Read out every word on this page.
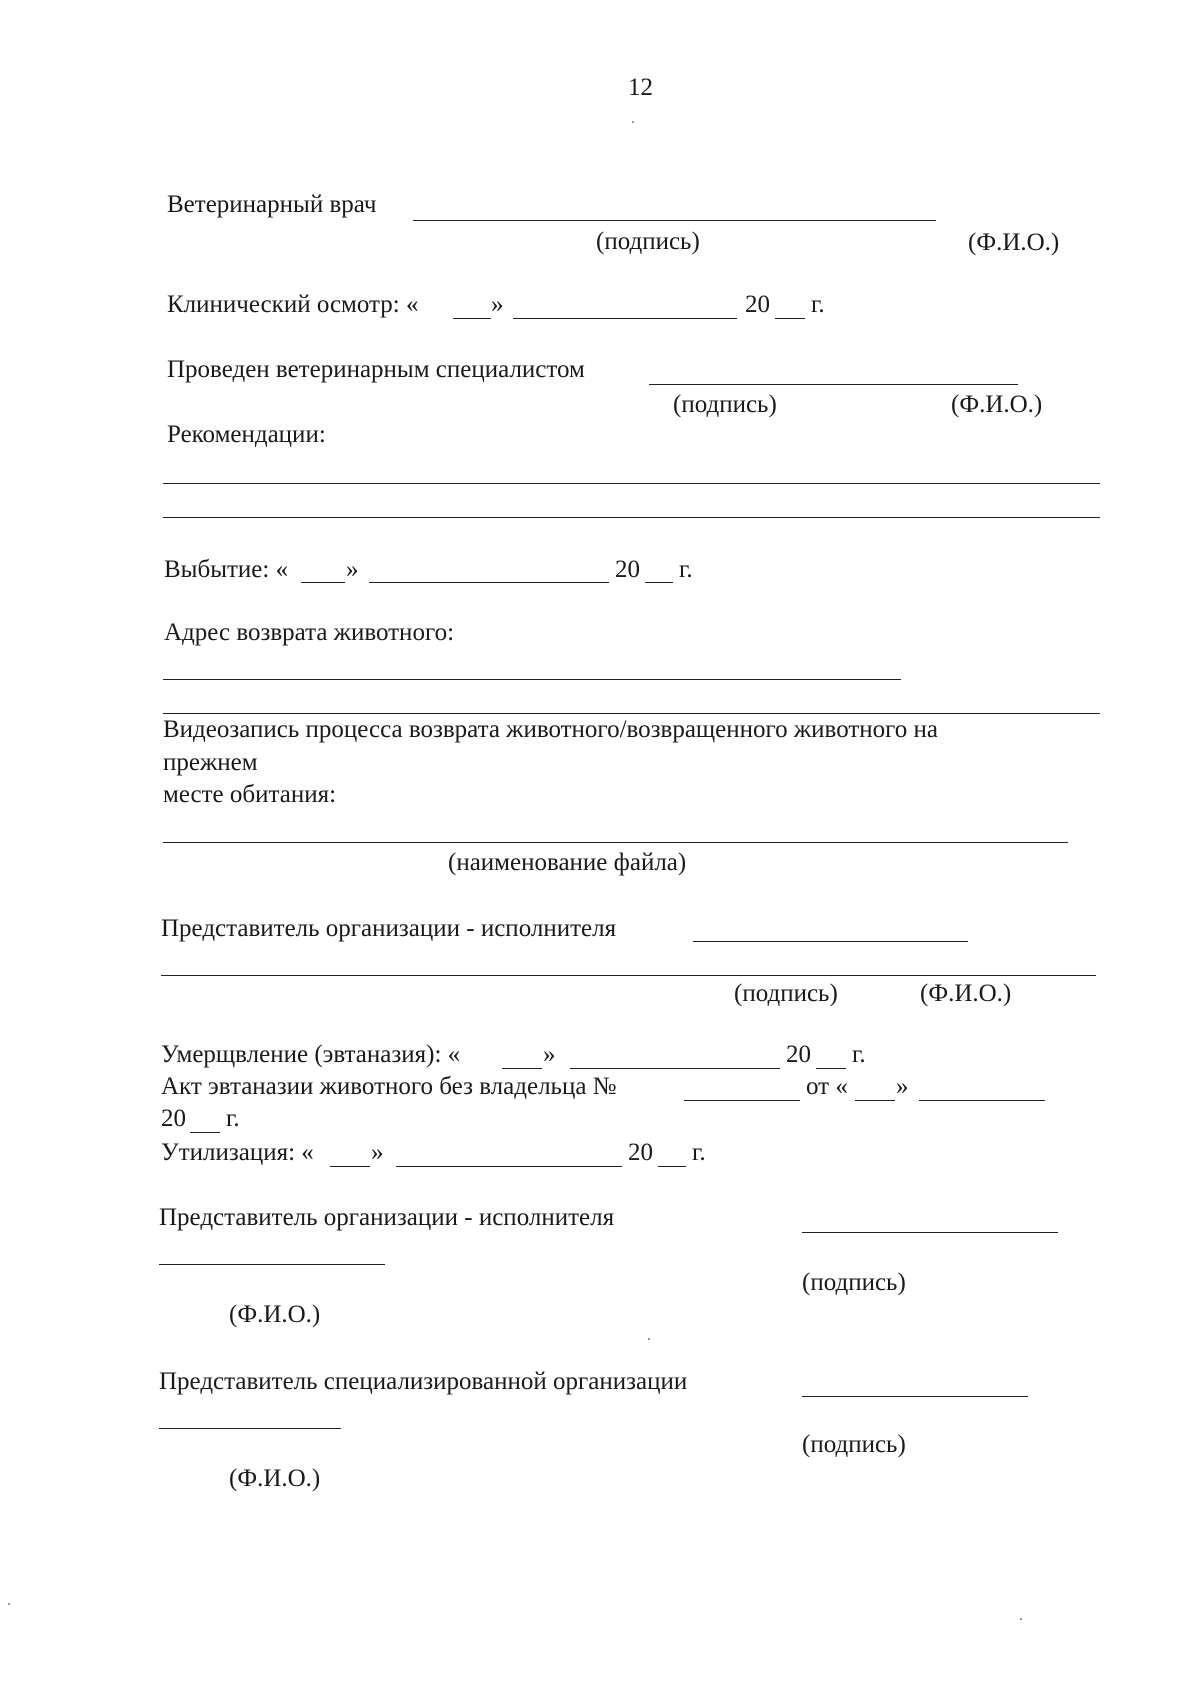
12
Ветеринарный врач
(подпись)	(Ф.И.О.)
Клинический осмотр: «	»	20 г.
Проведен ветеринарным специалистом
(подпись)	(Ф.И.О.)
Рекомендации:
Выбытие: « »	20 г.
Адрес возврата животного:
Видеозапись процесса возврата животного/возвращенного животного на
прежнем
месте обитания:
(наименование файла)
Представитель организации - исполнителя
(подпись)	(Ф.И.О.)
Умерщвление (эвтаназия): «	»	20 г.
Акт эвтаназии животного без владельца №	от « »
20 г.
Утилизация: « »	20 г.
Представитель организации - исполнителя
(подпись)
(Ф.И.О.)
Представитель специализированной организации
(подпись)
(Ф.И.О.)
